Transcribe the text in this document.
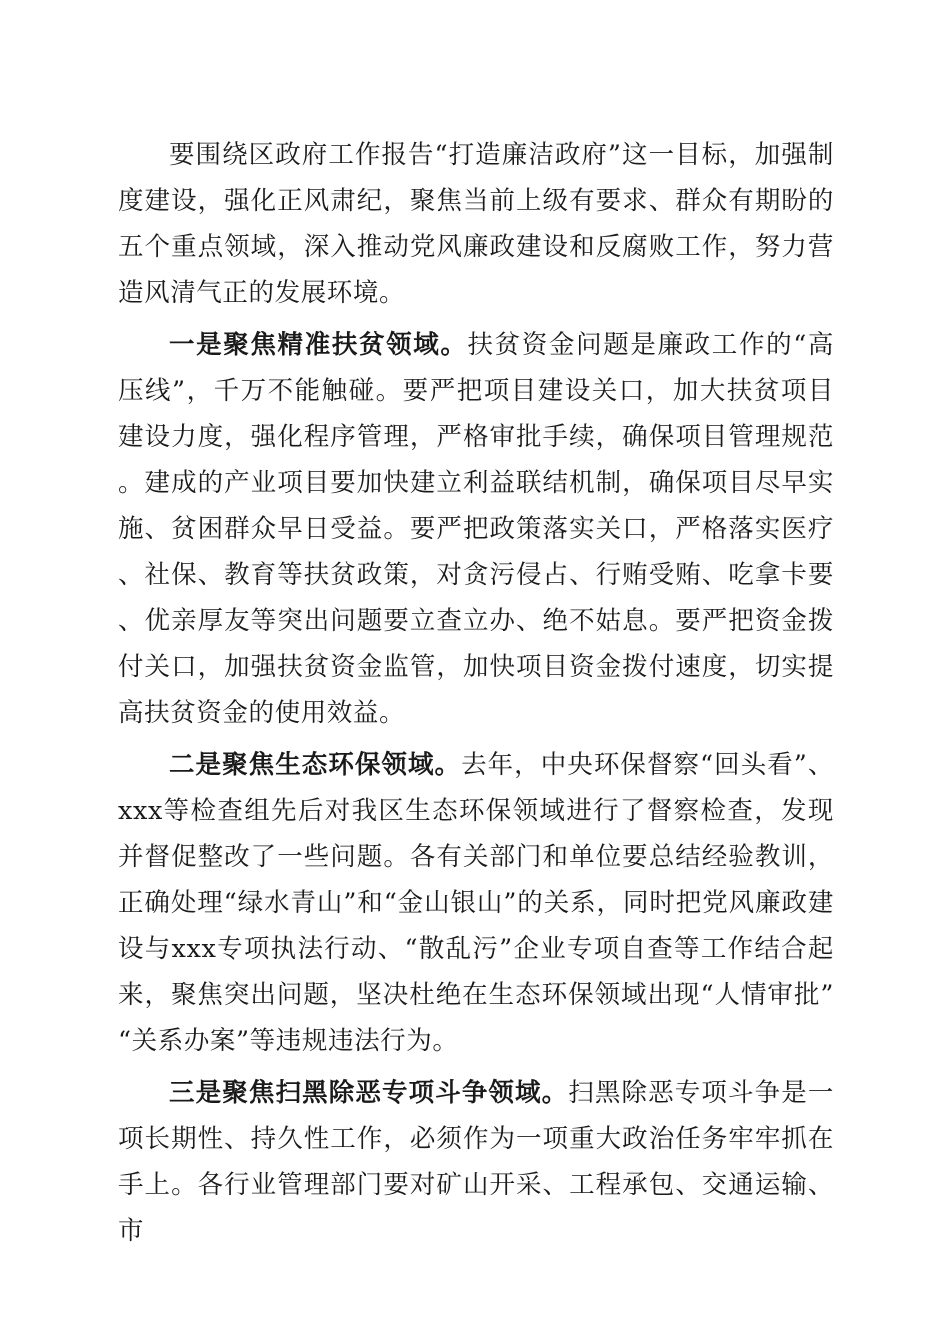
要围绕区政府工作报告“打造廉洁政府”这一目标，加强制度建设，强化正风肃纪，聚焦当前上级有要求、群众有期盼的五个重点领域，深入推动党风廉政建设和反腐败工作，努力营造风清气正的发展环境。

一是聚焦精准扶贫领域。扶贫资金问题是廉政工作的“高压线”，千万不能触碰。要严把项目建设关口，加大扶贫项目建设力度，强化程序管理，严格审批手续，确保项目管理规范。建成的产业项目要加快建立利益联结机制，确保项目尽早实施、贫困群众早日受益。要严把政策落实关口，严格落实医疗、社保、教育等扶贫政策，对贪污侵占、行贿受贿、吃拿卡要、优亲厚友等突出问题要立查立办、绝不姑息。要严把资金拨付关口，加强扶贫资金监管，加快项目资金拨付速度，切实提高扶贫资金的使用效益。

二是聚焦生态环保领域。去年，中央环保督察“回头看”、xxx等检查组先后对我区生态环保领域进行了督察检查，发现并督促整改了一些问题。各有关部门和单位要总结经验教训，正确处理“绿水青山”和“金山银山”的关系，同时把党风廉政建设与xxx专项执法行动、“散乱污”企业专项自查等工作结合起来，聚焦突出问题，坚决杜绝在生态环保领域出现“人情审批”“关系办案”等违规违法行为。

三是聚焦扫黑除恶专项斗争领域。扫黑除恶专项斗争是一项长期性、持久性工作，必须作为一项重大政治任务牢牢抓在手上。各行业管理部门要对矿山开采、工程承包、交通运输、市
